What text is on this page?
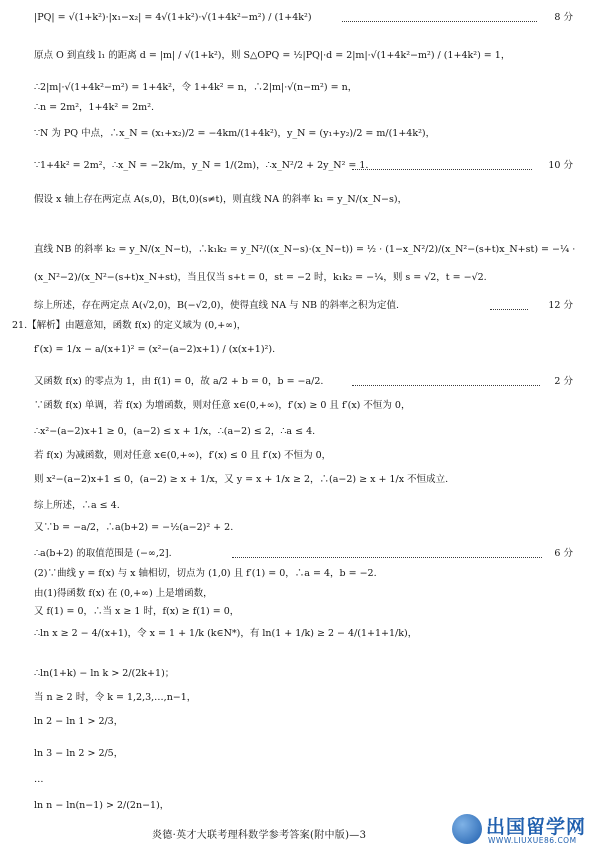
|PQ| = √(1+k²)·|x₁−x₂| = 4√(1+k²)·√(1+4k²−m²) / (1+4k²)	8 分
原点 O 到直线 l₁ 的距离 d = |m| / √(1+k²)，则 S△OPQ = ½|PQ|·d = 2|m|·√(1+4k²−m²) / (1+4k²) = 1，
∴2|m|·√(1+4k²−m²) = 1+4k²，令 1+4k² = n，∴2|m|·√(n−m²) = n，
∴n = 2m²，1+4k² = 2m².
∵N 为 PQ 中点，∴x_N = (x₁+x₂)/2 = −4km/(1+4k²)，y_N = (y₁+y₂)/2 = m/(1+4k²)，
∵1+4k² = 2m²，∴x_N = −2k/m，y_N = 1/(2m)，∴x_N²/2 + 2y_N² = 1.	10 分
假设 x 轴上存在两定点 A(s,0)，B(t,0)(s≠t)，则直线 NA 的斜率 k₁ = y_N/(x_N−s)，
直线 NB 的斜率 k₂ = y_N/(x_N−t)，∴k₁k₂ = y_N²/((x_N−s)·(x_N−t)) = ½ · (1−x_N²/2)/(x_N²−(s+t)x_N+st) = −¼ ·
(x_N²−2)/(x_N²−(s+t)x_N+st)，当且仅当 s+t = 0，st = −2 时，k₁k₂ = −¼，则 s = √2，t = −√2.
综上所述，存在两定点 A(√2,0)，B(−√2,0)，使得直线 NA 与 NB 的斜率之积为定值.	12 分
21.【解析】由题意知，函数 f(x) 的定义域为 (0,+∞)，
f′(x) = 1/x − a/(x+1)² = (x²−(a−2)x+1) / (x(x+1)²).
又函数 f(x) 的零点为 1，由 f(1) = 0，故 a/2 + b = 0，b = −a/2.	2 分
∵函数 f(x) 单调，若 f(x) 为增函数，则对任意 x∈(0,+∞)，f′(x) ≥ 0 且 f′(x) 不恒为 0，
∴x²−(a−2)x+1 ≥ 0，(a−2) ≤ x + 1/x，∴(a−2) ≤ 2，∴a ≤ 4.
若 f(x) 为减函数，则对任意 x∈(0,+∞)，f′(x) ≤ 0 且 f′(x) 不恒为 0，
则 x²−(a−2)x+1 ≤ 0，(a−2) ≥ x + 1/x，又 y = x + 1/x ≥ 2，∴(a−2) ≥ x + 1/x 不恒成立.
综上所述，∴a ≤ 4.
又∵b = −a/2，∴a(b+2) = −½(a−2)² + 2.
∴a(b+2) 的取值范围是 (−∞,2].	6 分
(2)∵曲线 y = f(x) 与 x 轴相切，切点为 (1,0) 且 f′(1) = 0，∴a = 4，b = −2.
由(1)得函数 f(x) 在 (0,+∞) 上是增函数，
又 f(1) = 0，∴当 x ≥ 1 时，f(x) ≥ f(1) = 0，
∴ln x ≥ 2 − 4/(x+1)，令 x = 1 + 1/k (k∈N*)，有 ln(1 + 1/k) ≥ 2 − 4/(1+1+1/k)，
∴ln(1+k) − ln k > 2/(2k+1)；
当 n ≥ 2 时，令 k = 1,2,3,…,n−1，
ln 2 − ln 1 > 2/3，
ln 3 − ln 2 > 2/5，
…
ln n − ln(n−1) > 2/(2n−1)，
炎德·英才大联考理科数学参考答案(附中版)—3	出国留学网
WWW.LIUXUE86.COM
